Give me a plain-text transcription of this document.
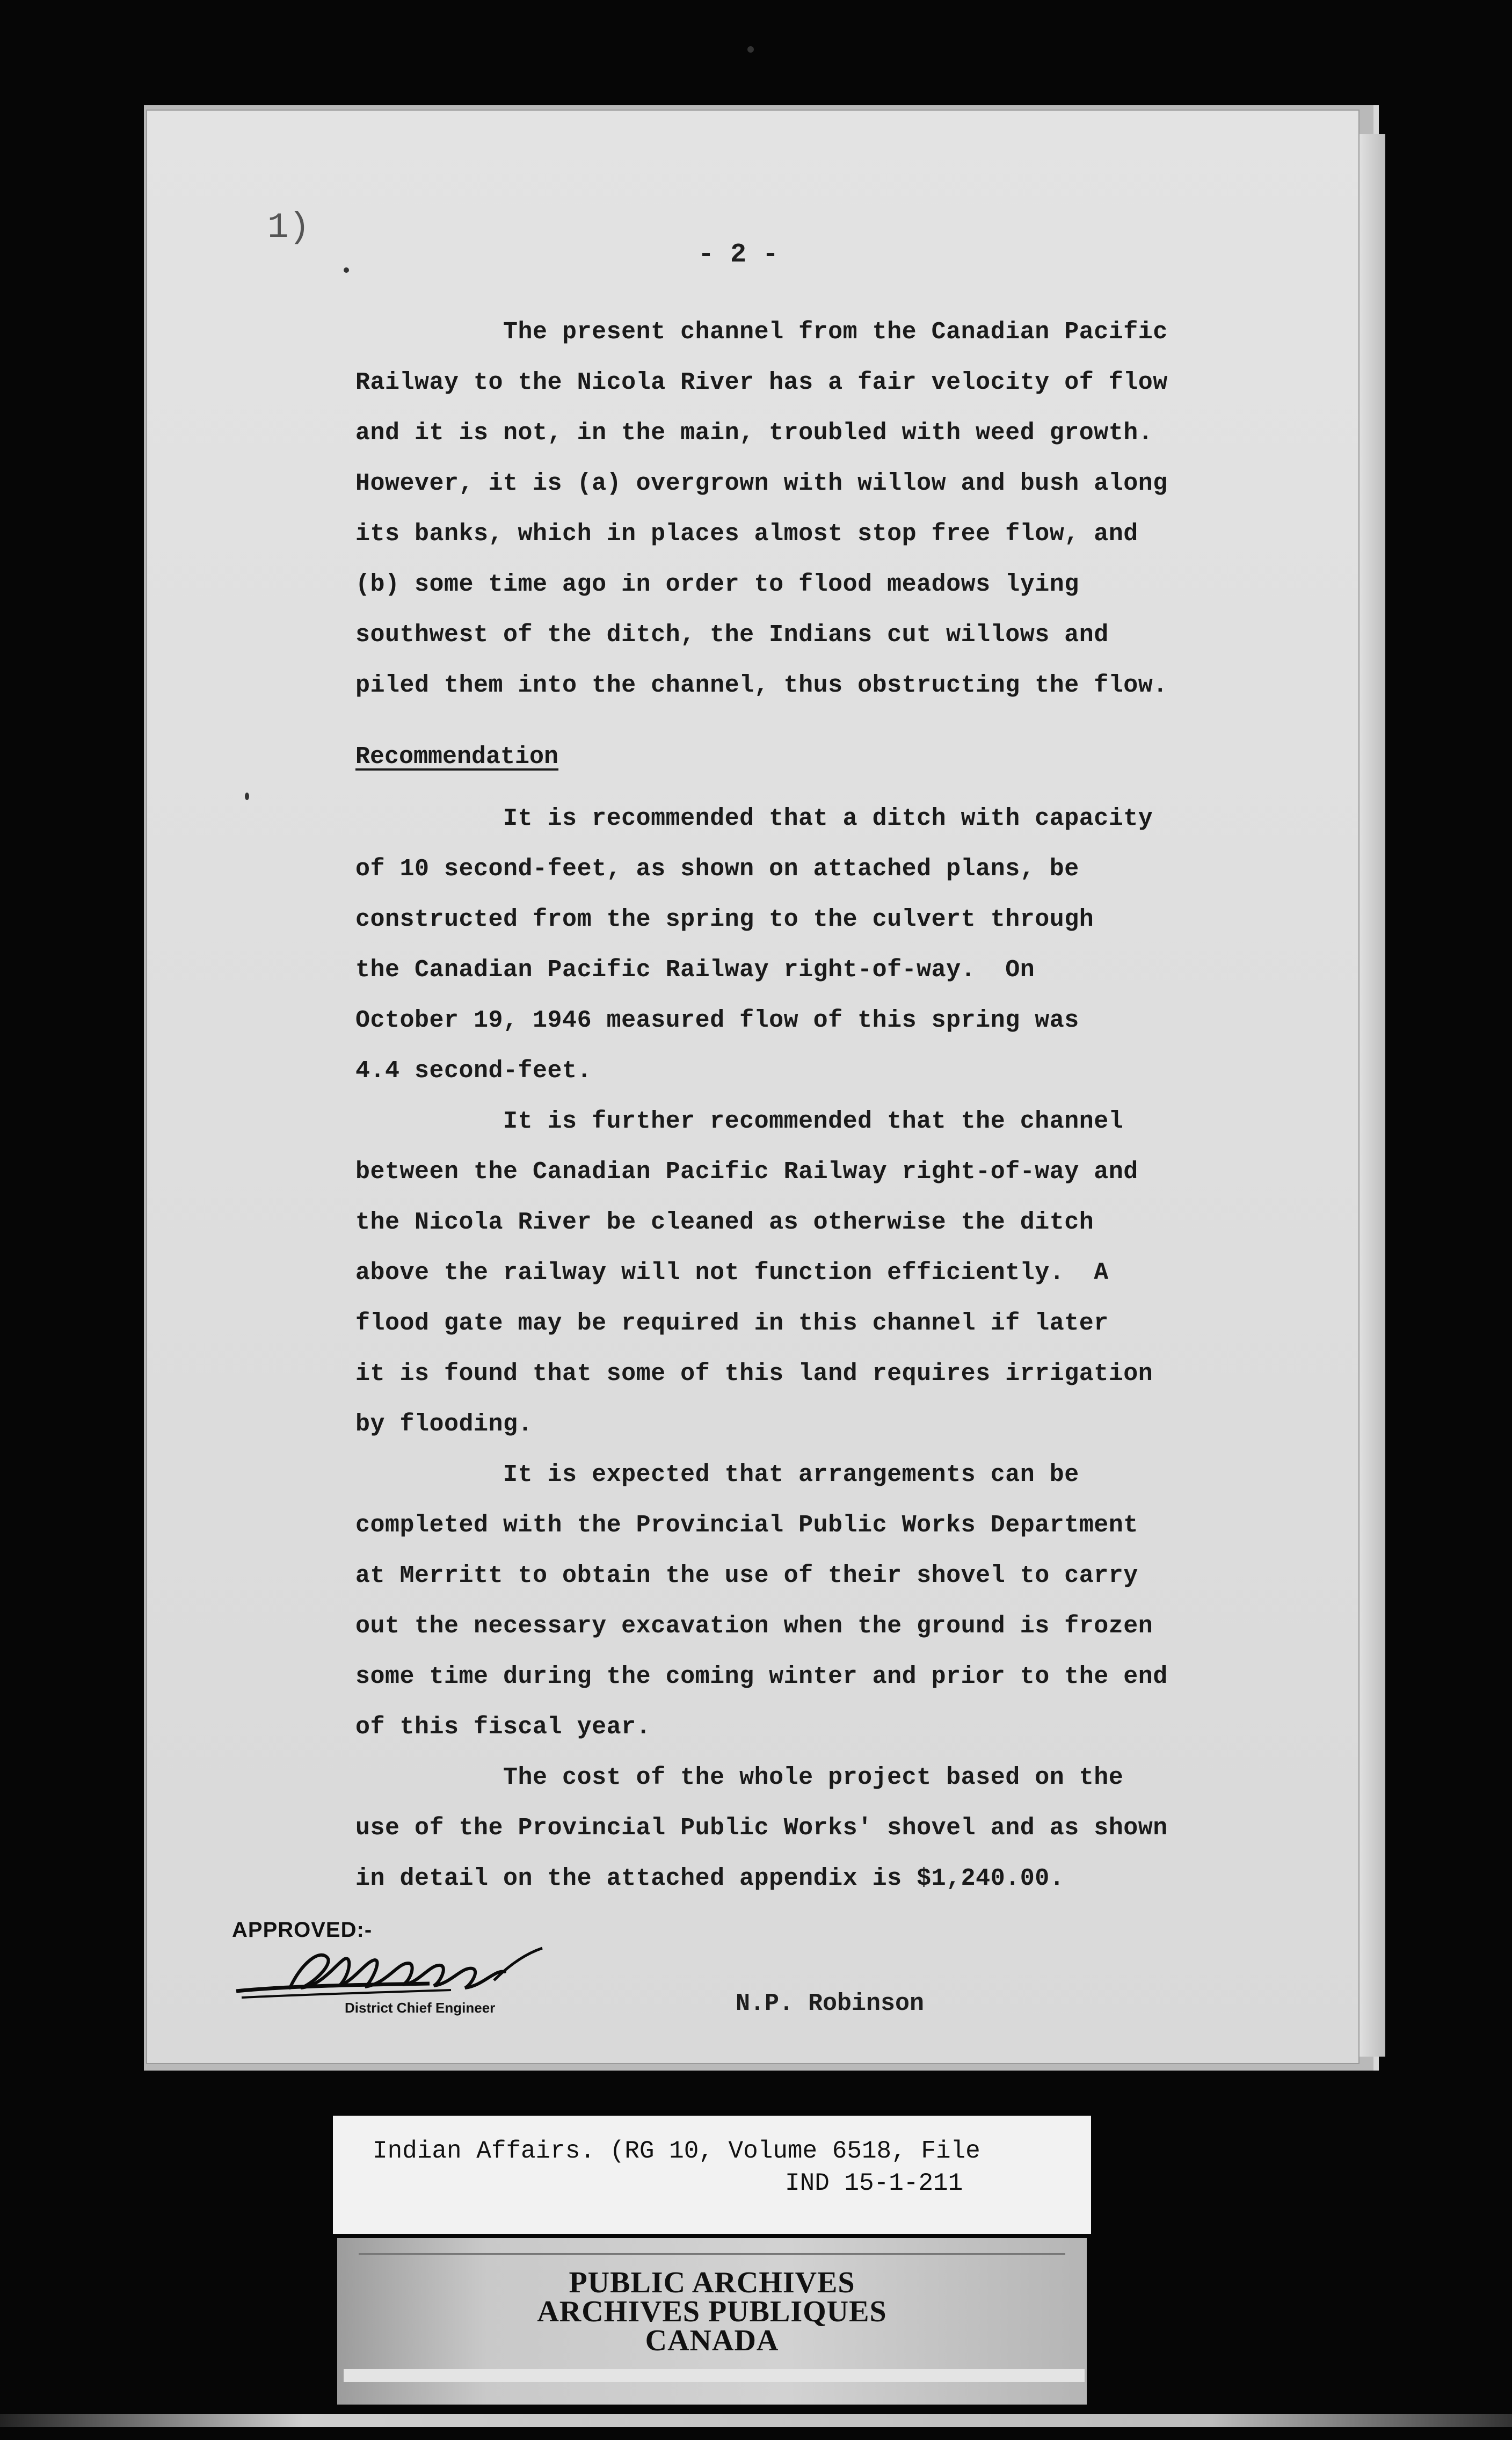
1)
- 2 -

The present channel from the Canadian Pacific

Railway to the Nicola River has a fair velocity of flow

and it is not, in the main, troubled with weed growth.

However, it is (a) overgrown with willow and bush along

its banks, which in places almost stop free flow, and

(b) some time ago in order to flood meadows lying

southwest of the ditch, the Indians cut willows and

piled them into the channel, thus obstructing the flow.

Recommendation

It is recommended that a ditch with capacity

of 10 second-feet, as shown on attached plans, be

constructed from the spring to the culvert through

the Canadian Pacific Railway right-of-way.  On

October 19, 1946 measured flow of this spring was

4.4 second-feet.

It is further recommended that the channel

between the Canadian Pacific Railway right-of-way and

the Nicola River be cleaned as otherwise the ditch

above the railway will not function efficiently.  A

flood gate may be required in this channel if later

it is found that some of this land requires irrigation

by flooding.

It is expected that arrangements can be

completed with the Provincial Public Works Department

at Merritt to obtain the use of their shovel to carry

out the necessary excavation when the ground is frozen

some time during the coming winter and prior to the end

of this fiscal year.

The cost of the whole project based on the

use of the Provincial Public Works' shovel and as shown

in detail on the attached appendix is $1,240.00.

APPROVED:-
District Chief Engineer	N.P. Robinson
Indian Affairs. (RG 10, Volume 6518, File
IND 15-1-211
PUBLIC ARCHIVES
ARCHIVES PUBLIQUES
CANADA
